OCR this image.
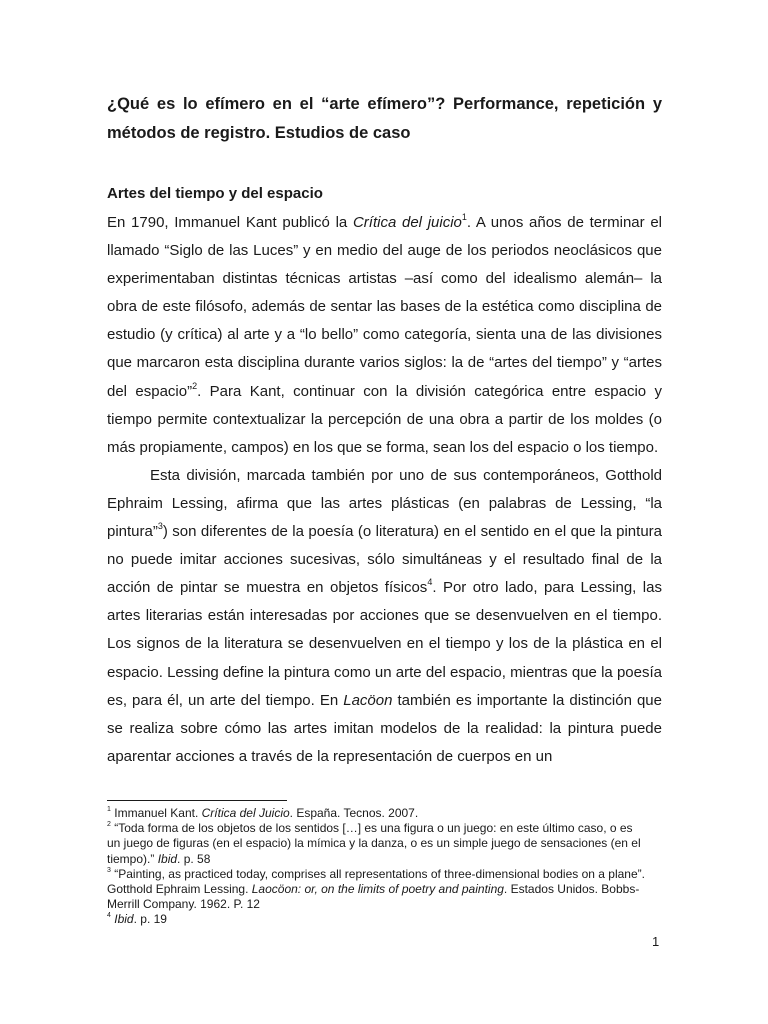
¿Qué es lo efímero en el “arte efímero”? Performance, repetición y métodos de registro. Estudios de caso
Artes del tiempo y del espacio

En 1790, Immanuel Kant publicó la Crítica del juicio$^1$. A unos años de terminar el llamado “Siglo de las Luces” y en medio del auge de los periodos neoclásicos que experimentaban distintas técnicas artistas –así como del idealismo alemán– la obra de este filósofo, además de sentar las bases de la estética como disciplina de estudio (y crítica) al arte y a “lo bello” como categoría, sienta una de las divisiones que marcaron esta disciplina durante varios siglos: la de “artes del tiempo” y “artes del espacio”$^2$. Para Kant, continuar con la división categórica entre espacio y tiempo permite contextualizar la percepción de una obra a partir de los moldes (o más propiamente, campos) en los que se forma, sean los del espacio o los tiempo.

Esta división, marcada también por uno de sus contemporáneos, Gotthold Ephraim Lessing, afirma que las artes plásticas (en palabras de Lessing, “la pintura”$^3$) son diferentes de la poesía (o literatura) en el sentido en el que la pintura no puede imitar acciones sucesivas, sólo simultáneas y el resultado final de la acción de pintar se muestra en objetos físicos$^4$. Por otro lado, para Lessing, las artes literarias están interesadas por acciones que se desenvuelven en el tiempo. Los signos de la literatura se desenvuelven en el tiempo y los de la plástica en el espacio. Lessing define la pintura como un arte del espacio, mientras que la poesía es, para él, un arte del tiempo. En Lacöon también es importante la distinción que se realiza sobre cómo las artes imitan modelos de la realidad: la pintura puede aparentar acciones a través de la representación de cuerpos en un

$^1$ Immanuel Kant. Crítica del Juicio. España. Tecnos. 2007.

$^2$ “Toda forma de los objetos de los sentidos […] es una figura o un juego: en este último caso, o es un juego de figuras (en el espacio) la mímica y la danza, o es un simple juego de sensaciones (en el tiempo).” Ibid. p. 58

$^3$ “Painting, as practiced today, comprises all representations of three-dimensional bodies on a plane”. Gotthold Ephraim Lessing. Laocöon: or, on the limits of poetry and painting. Estados Unidos. Bobbs-Merrill Company. 1962. P. 12

$^4$ Ibid. p. 19

1
